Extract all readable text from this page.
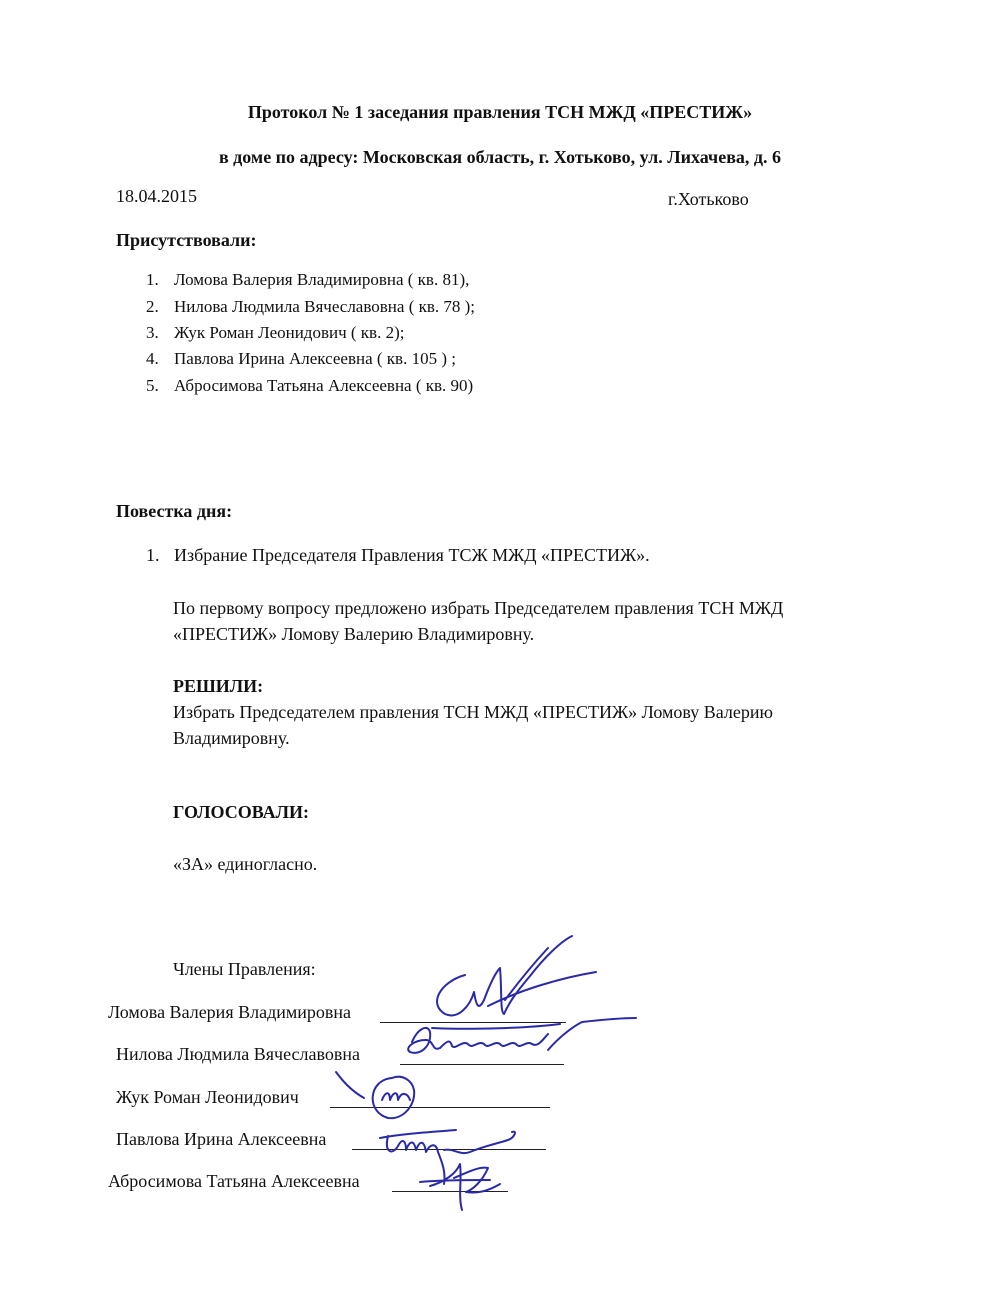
Протокол № 1 заседания правления ТСН МЖД «ПРЕСТИЖ»
в доме по адресу: Московская область, г. Хотьково, ул. Лихачева, д. 6
18.04.2015	г.Хотьково
Присутствовали:
1. Ломова Валерия Владимировна ( кв. 81),
2. Нилова Людмила Вячеславовна ( кв. 78 );
3. Жук Роман Леонидович ( кв. 2);
4. Павлова Ирина Алексеевна ( кв. 105 ) ;
5. Абросимова Татьяна Алексеевна ( кв. 90)
Повестка дня:
1. Избрание Председателя Правления ТСЖ МЖД «ПРЕСТИЖ».
По первому вопросу предложено избрать Председателем правления ТСН МЖД
«ПРЕСТИЖ» Ломову Валерию Владимировну.
РЕШИЛИ:
Избрать Председателем правления ТСН МЖД «ПРЕСТИЖ» Ломову Валерию
Владимировну.
ГОЛОСОВАЛИ:
«ЗА» единогласно.
Члены Правления:
Ломова Валерия Владимировна
Нилова Людмила Вячеславовна
Жук Роман Леонидович
Павлова Ирина Алексеевна
Абросимова Татьяна Алексеевна
